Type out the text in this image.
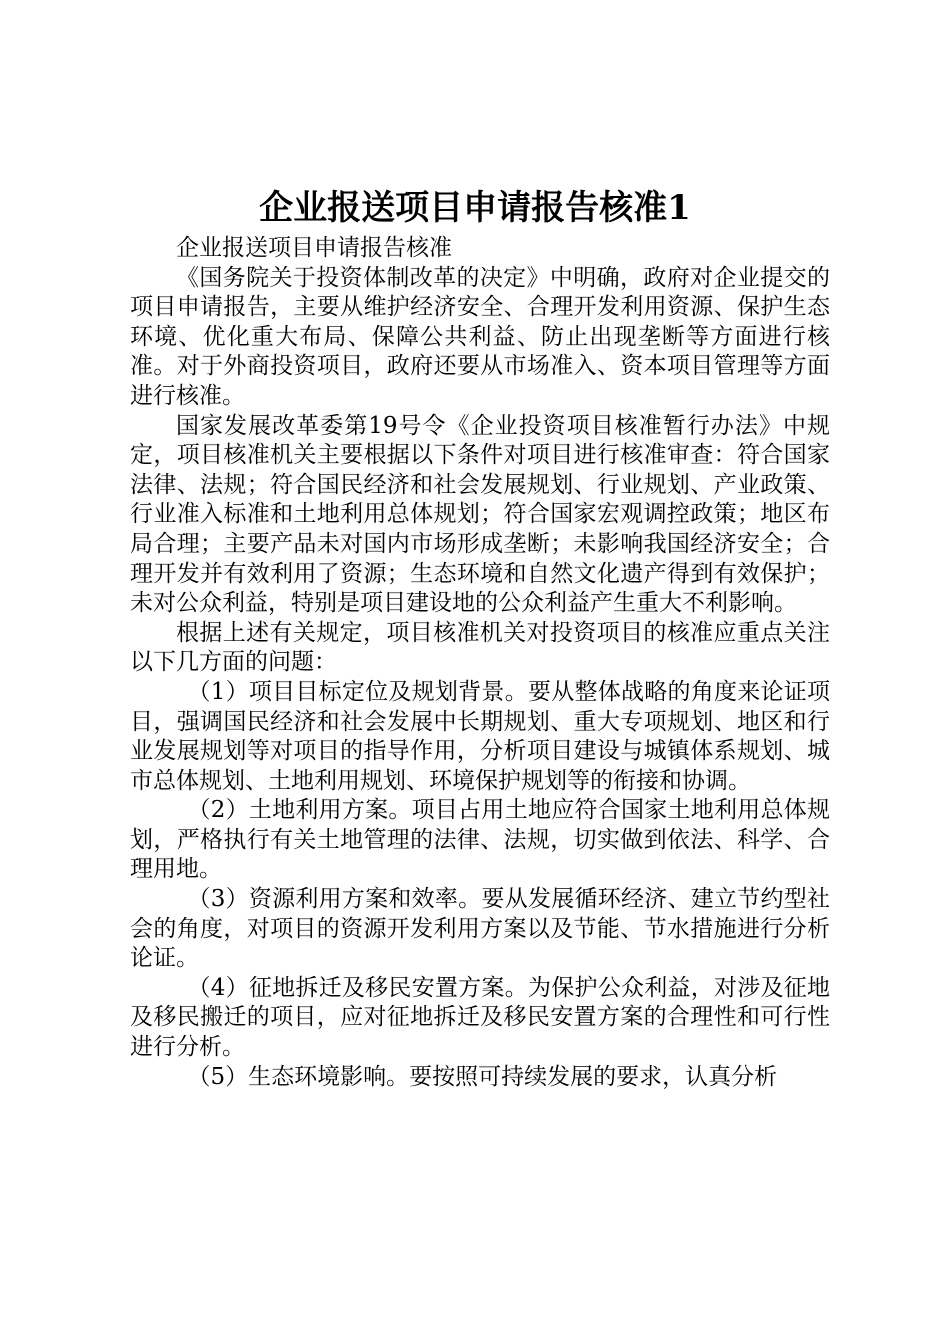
企业报送项目申请报告核准1

企业报送项目申请报告核准

《国务院关于投资体制改革的决定》中明确，政府对企业提交的项目申请报告，主要从维护经济安全、合理开发利用资源、保护生态环境、优化重大布局、保障公共利益、防止出现垄断等方面进行核准。对于外商投资项目，政府还要从市场准入、资本项目管理等方面进行核准。

国家发展改革委第19号令《企业投资项目核准暂行办法》中规定，项目核准机关主要根据以下条件对项目进行核准审查：符合国家法律、法规；符合国民经济和社会发展规划、行业规划、产业政策、行业准入标准和土地利用总体规划；符合国家宏观调控政策；地区布局合理；主要产品未对国内市场形成垄断；未影响我国经济安全；合理开发并有效利用了资源；生态环境和自然文化遗产得到有效保护；未对公众利益，特别是项目建设地的公众利益产生重大不利影响。

根据上述有关规定，项目核准机关对投资项目的核准应重点关注以下几方面的问题：

（1）项目目标定位及规划背景。要从整体战略的角度来论证项目，强调国民经济和社会发展中长期规划、重大专项规划、地区和行业发展规划等对项目的指导作用，分析项目建设与城镇体系规划、城市总体规划、土地利用规划、环境保护规划等的衔接和协调。

（2）土地利用方案。项目占用土地应符合国家土地利用总体规划，严格执行有关土地管理的法律、法规，切实做到依法、科学、合理用地。

（3）资源利用方案和效率。要从发展循环经济、建立节约型社会的角度，对项目的资源开发利用方案以及节能、节水措施进行分析论证。

（4）征地拆迁及移民安置方案。为保护公众利益，对涉及征地及移民搬迁的项目，应对征地拆迁及移民安置方案的合理性和可行性进行分析。

（5）生态环境影响。要按照可持续发展的要求，认真分析
